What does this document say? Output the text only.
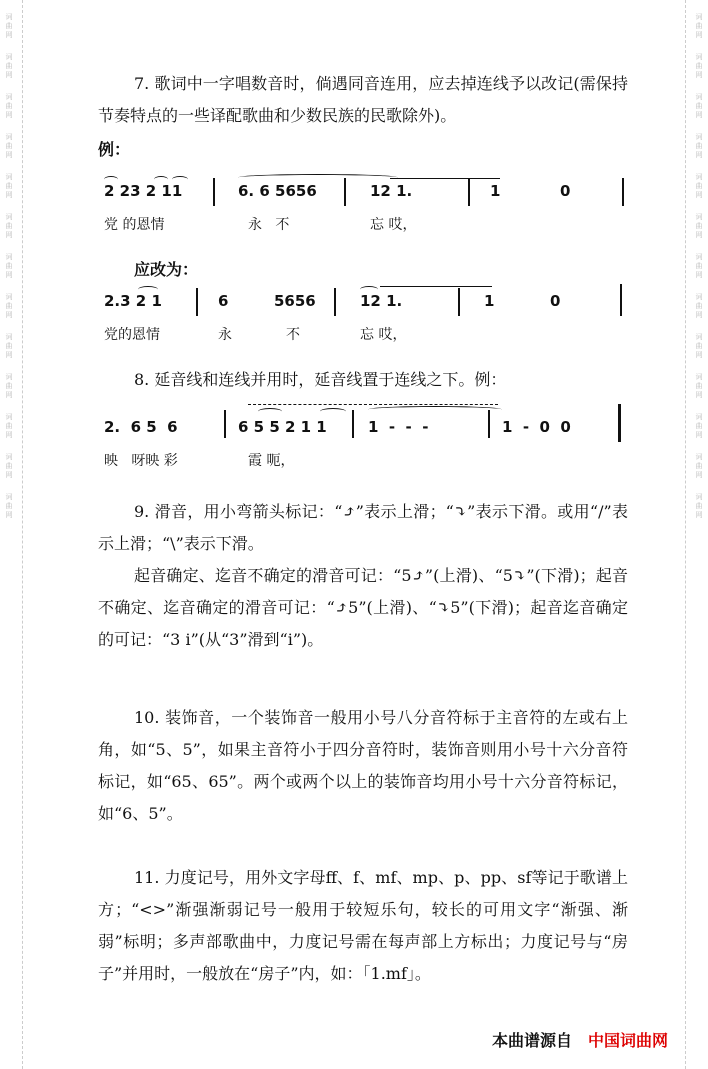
词
曲
网
词
曲
网
词
曲
网
词
曲
网
词
曲
网
词
曲
网
词
曲
网
词
曲
网
词
曲
网
词
曲
网
词
曲
网
词
曲
网
词
曲
网
词
曲
网
词
曲
网
词
曲
网
词
曲
网
词
曲
网
词
曲
网
词
曲
网
词
曲
网
词
曲
网
词
曲
网
词
曲
网
词
曲
网
词
曲
网
7. 歌词中一字唱数音时，倘遇同音连用，应去掉连线予以改记(需保持节奏特点的一些译配歌曲和少数民族的民歌除外)。
例：
2 23 2 11	6. 6 5656	12 1.	1	0
党 的恩情	永   不	忘 哎，
应改为：
2.3 2 1	6	5656	12 1.	1	0
党的恩情	永	不	忘 哎，
8. 延音线和连线并用时，延音线置于连线之下。例：
2.  6 5  6	6 5 5 2 1 1	1  -  -  -	1  -  0  0
映   呀映 彩	霞 呃，
9. 滑音，用小弯箭头标记：“⤴”表示上滑；“⤵”表示下滑。或用“/”表示上滑；“\”表示下滑。
起音确定、迄音不确定的滑音可记：“5⤴”(上滑)、“5⤵”(下滑)；起音不确定、迄音确定的滑音可记：“⤴5”(上滑)、“⤵5”(下滑)；起音迄音确定的可记：“3 i”(从“3”滑到“i”)。
10. 装饰音，一个装饰音一般用小号八分音符标于主音符的左或右上角，如“5、5”，如果主音符小于四分音符时，装饰音则用小号十六分音符标记，如“65、65”。两个或两个以上的装饰音均用小号十六分音符标记，如“6、5”。
11. 力度记号，用外文字母ff、f、mf、mp、p、pp、sf等记于歌谱上方；“<>”渐强渐弱记号一般用于较短乐句，较长的可用文字“渐强、渐弱”标明；多声部歌曲中，力度记号需在每声部上方标出；力度记号与“房子”并用时，一般放在“房子”内，如：「1.mf」。
本曲谱源自 中国词曲网
